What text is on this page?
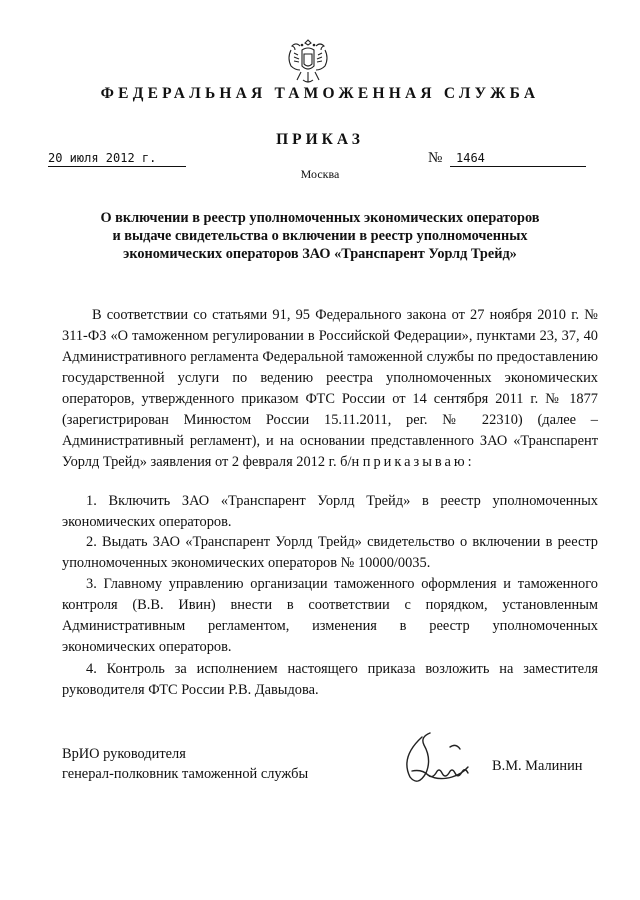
ФЕДЕРАЛЬНАЯ ТАМОЖЕННАЯ СЛУЖБА
ПРИКАЗ
20 июля 2012 г.	№	1464
Москва
О включении в реестр уполномоченных экономических операторов
и выдаче свидетельства о включении в реестр уполномоченных
экономических операторов ЗАО «Транспарент Уорлд Трейд»
В соответствии со статьями 91, 95 Федерального закона от 27 ноября 2010 г. № 311-ФЗ «О таможенном регулировании в Российской Федерации», пунктами 23, 37, 40 Административного регламента Федеральной таможенной службы по предоставлению государственной услуги по ведению реестра уполномоченных экономических операторов, утвержденного приказом ФТС России от 14 сентября 2011 г. № 1877 (зарегистрирован Минюстом России 15.11.2011, рег. № 22310) (далее – Административный регламент), и на основании представленного ЗАО «Транспарент Уорлд Трейд» заявления от 2 февраля 2012 г. б/н приказываю:
1. Включить ЗАО «Транспарент Уорлд Трейд» в реестр уполномоченных экономических операторов.
2. Выдать ЗАО «Транспарент Уорлд Трейд» свидетельство о включении в реестр уполномоченных экономических операторов № 10000/0035.
3. Главному управлению организации таможенного оформления и таможенного контроля (В.В. Ивин) внести в соответствии с порядком, установленным Административным регламентом, изменения в реестр уполномоченных экономических операторов.
4. Контроль за исполнением настоящего приказа возложить на заместителя руководителя ФТС России Р.В. Давыдова.
ВрИО руководителя
генерал-полковник таможенной службы	В.М. Малинин
